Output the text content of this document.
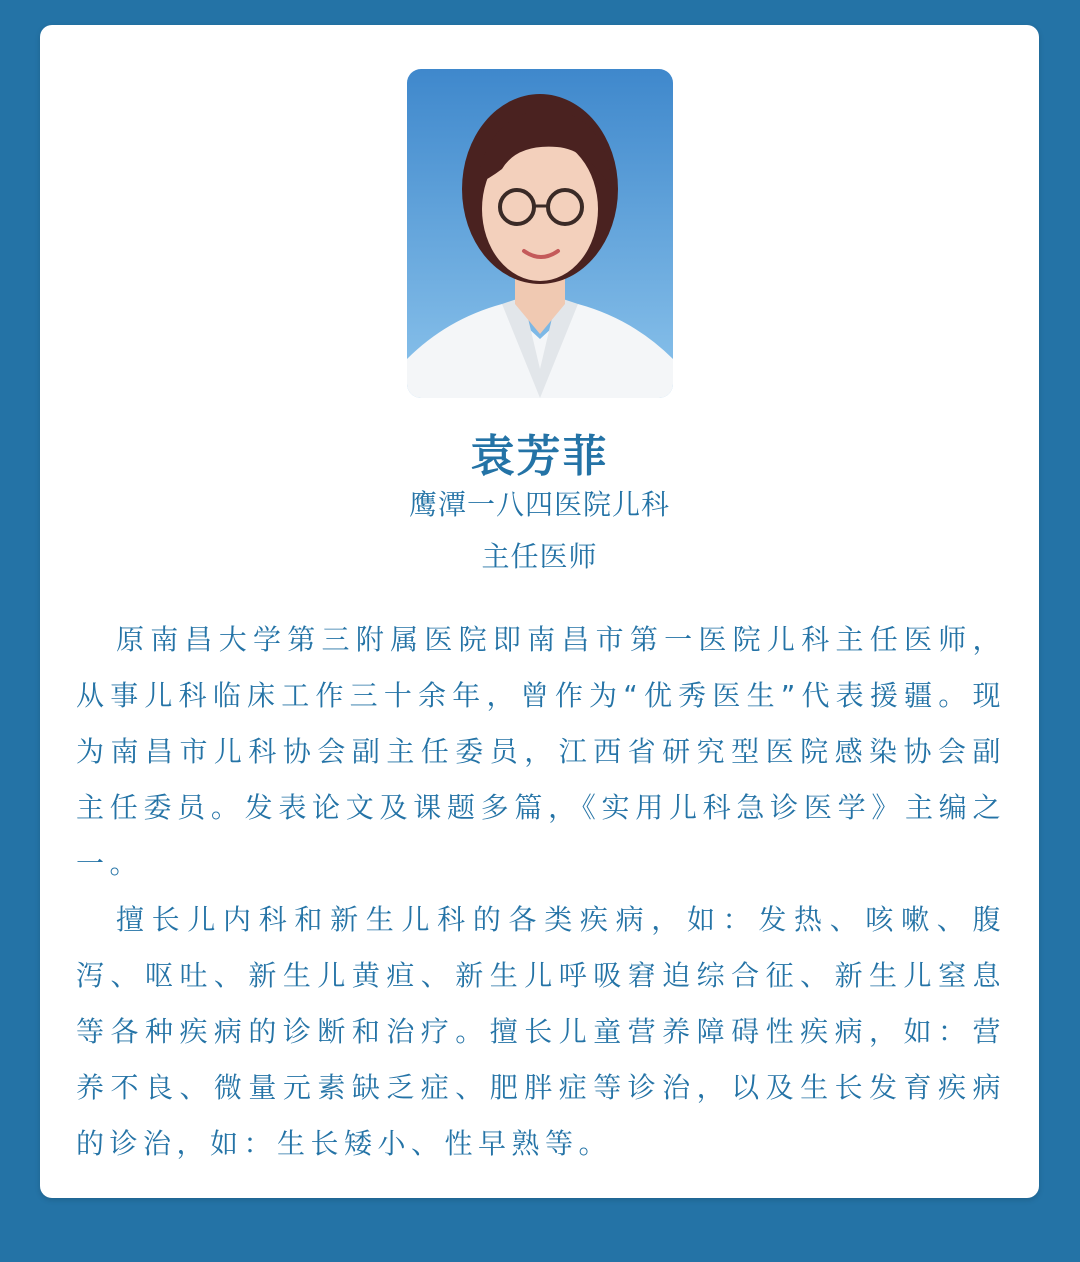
袁芳菲
鹰潭一八四医院儿科
主任医师

原南昌大学第三附属医院即南昌市第一医院儿科主任医师，从事儿科临床工作三十余年，曾作为“优秀医生”代表援疆。现为南昌市儿科协会副主任委员，江西省研究型医院感染协会副主任委员。发表论文及课题多篇，《实用儿科急诊医学》主编之一。

擅长儿内科和新生儿科的各类疾病，如：发热、咳嗽、腹泻、呕吐、新生儿黄疸、新生儿呼吸窘迫综合征、新生儿窒息等各种疾病的诊断和治疗。擅长儿童营养障碍性疾病，如：营养不良、微量元素缺乏症、肥胖症等诊治，以及生长发育疾病的诊治，如：生长矮小、性早熟等。
